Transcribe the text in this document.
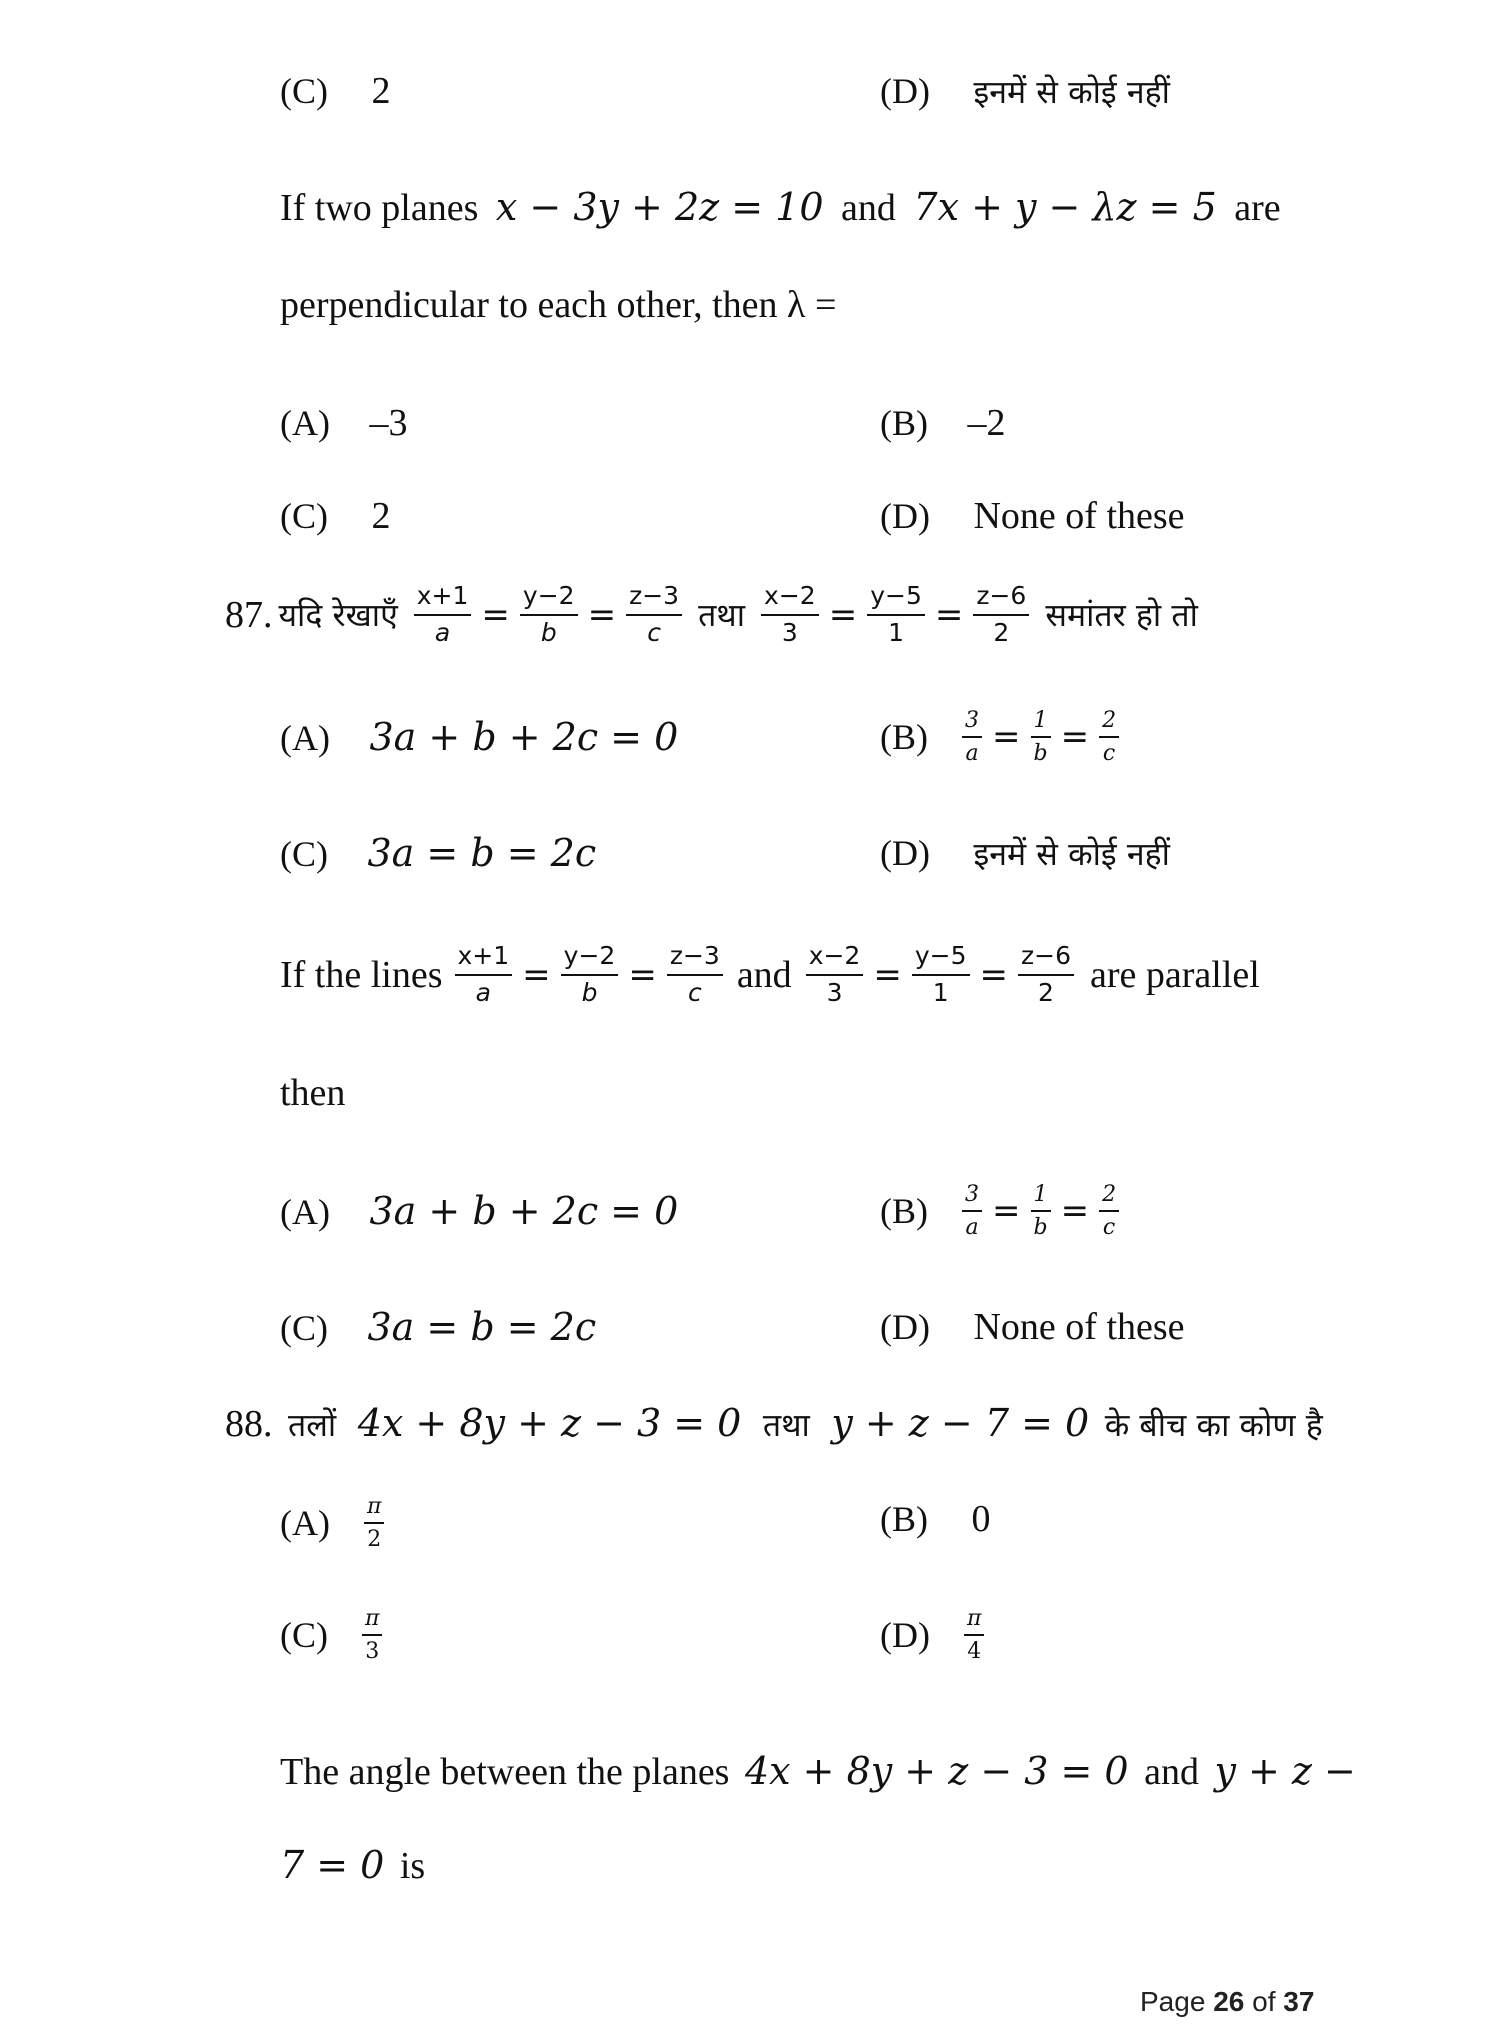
(C) 2	(D) इनमें से कोई नहीं
If two planes x − 3y + 2z = 10 and 7x + y − λz = 5 are
perpendicular to each other, then λ =
(A) –3	(B) –2
(C) 2	(D) None of these
87. यदि रेखाएँ $\frac{x+1}{a} = \frac{y-2}{b} = \frac{z-3}{c}$ तथा $\frac{x-2}{3} = \frac{y-5}{1} = \frac{z-6}{2}$ समांतर हो तो
(A) 3a + b + 2c = 0	$(B) \frac{3}{a} = \frac{1}{b} = \frac{2}{c}$
(C) 3a = b = 2c	(D) इनमें से कोई नहीं
If the lines $\frac{x+1}{a} = \frac{y-2}{b} = \frac{z-3}{c}$ and $\frac{x-2}{3} = \frac{y-5}{1} = \frac{z-6}{2}$ are parallel
then
(A) 3a + b + 2c = 0	$(B) \frac{3}{a} = \frac{1}{b} = \frac{2}{c}$
(C) 3a = b = 2c	(D) None of these
88. तलों 4x + 8y + z − 3 = 0 तथा y + z − 7 = 0 के बीच का कोण है
$(A) \frac{\pi}{2}$	(B) 0
$(C) \frac{\pi}{3}$	$(D) \frac{\pi}{4}$
The angle between the planes 4x + 8y + z − 3 = 0 and y + z −
7 = 0 is
Page 26 of 37
